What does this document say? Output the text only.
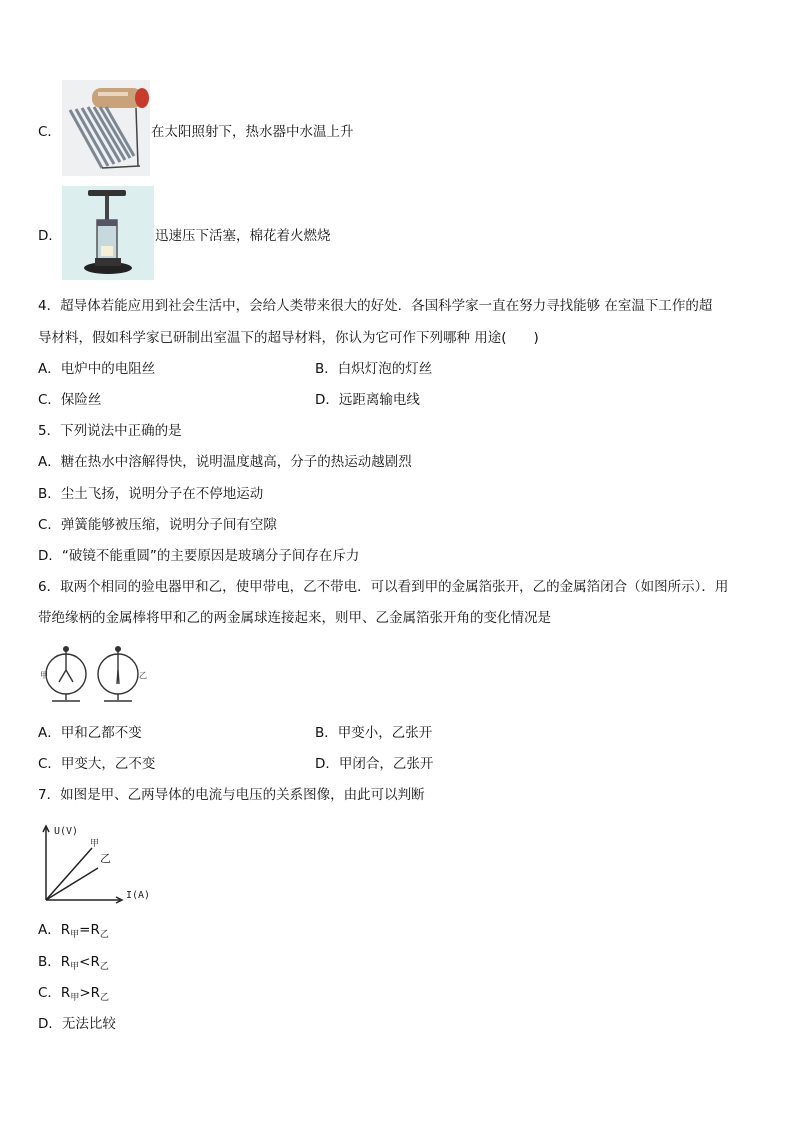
C．	在太阳照射下，热水器中水温上升
D．	迅速压下活塞，棉花着火燃烧
4．超导体若能应用到社会生活中，会给人类带来很大的好处．各国科学家一直在努力寻找能够 在室温下工作的超
导材料，假如科学家已研制出室温下的超导材料，你认为它可作下列哪种 用途(　　)
A．电炉中的电阻丝	B．白炽灯泡的灯丝
C．保险丝	D．远距离输电线
5．下列说法中正确的是
A．糖在热水中溶解得快，说明温度越高，分子的热运动越剧烈
B．尘土飞扬，说明分子在不停地运动
C．弹簧能够被压缩，说明分子间有空隙
D．“破镜不能重圆”的主要原因是玻璃分子间存在斥力
6．取两个相同的验电器甲和乙，使甲带电，乙不带电．可以看到甲的金属箔张开，乙的金属箔闭合（如图所示）．用
带绝缘柄的金属棒将甲和乙的两金属球连接起来，则甲、乙金属箔张开角的变化情况是
甲	乙
A．甲和乙都不变	B．甲变小，乙张开
C．甲变大，乙不变	D．甲闭合，乙张开
7．如图是甲、乙两导体的电流与电压的关系图像，由此可以判断
U(V)
I(A)
甲
乙
A．$R_甲=R_乙$
B．$R_甲<R_乙$
C．$R_甲>R_乙$
D．无法比较
